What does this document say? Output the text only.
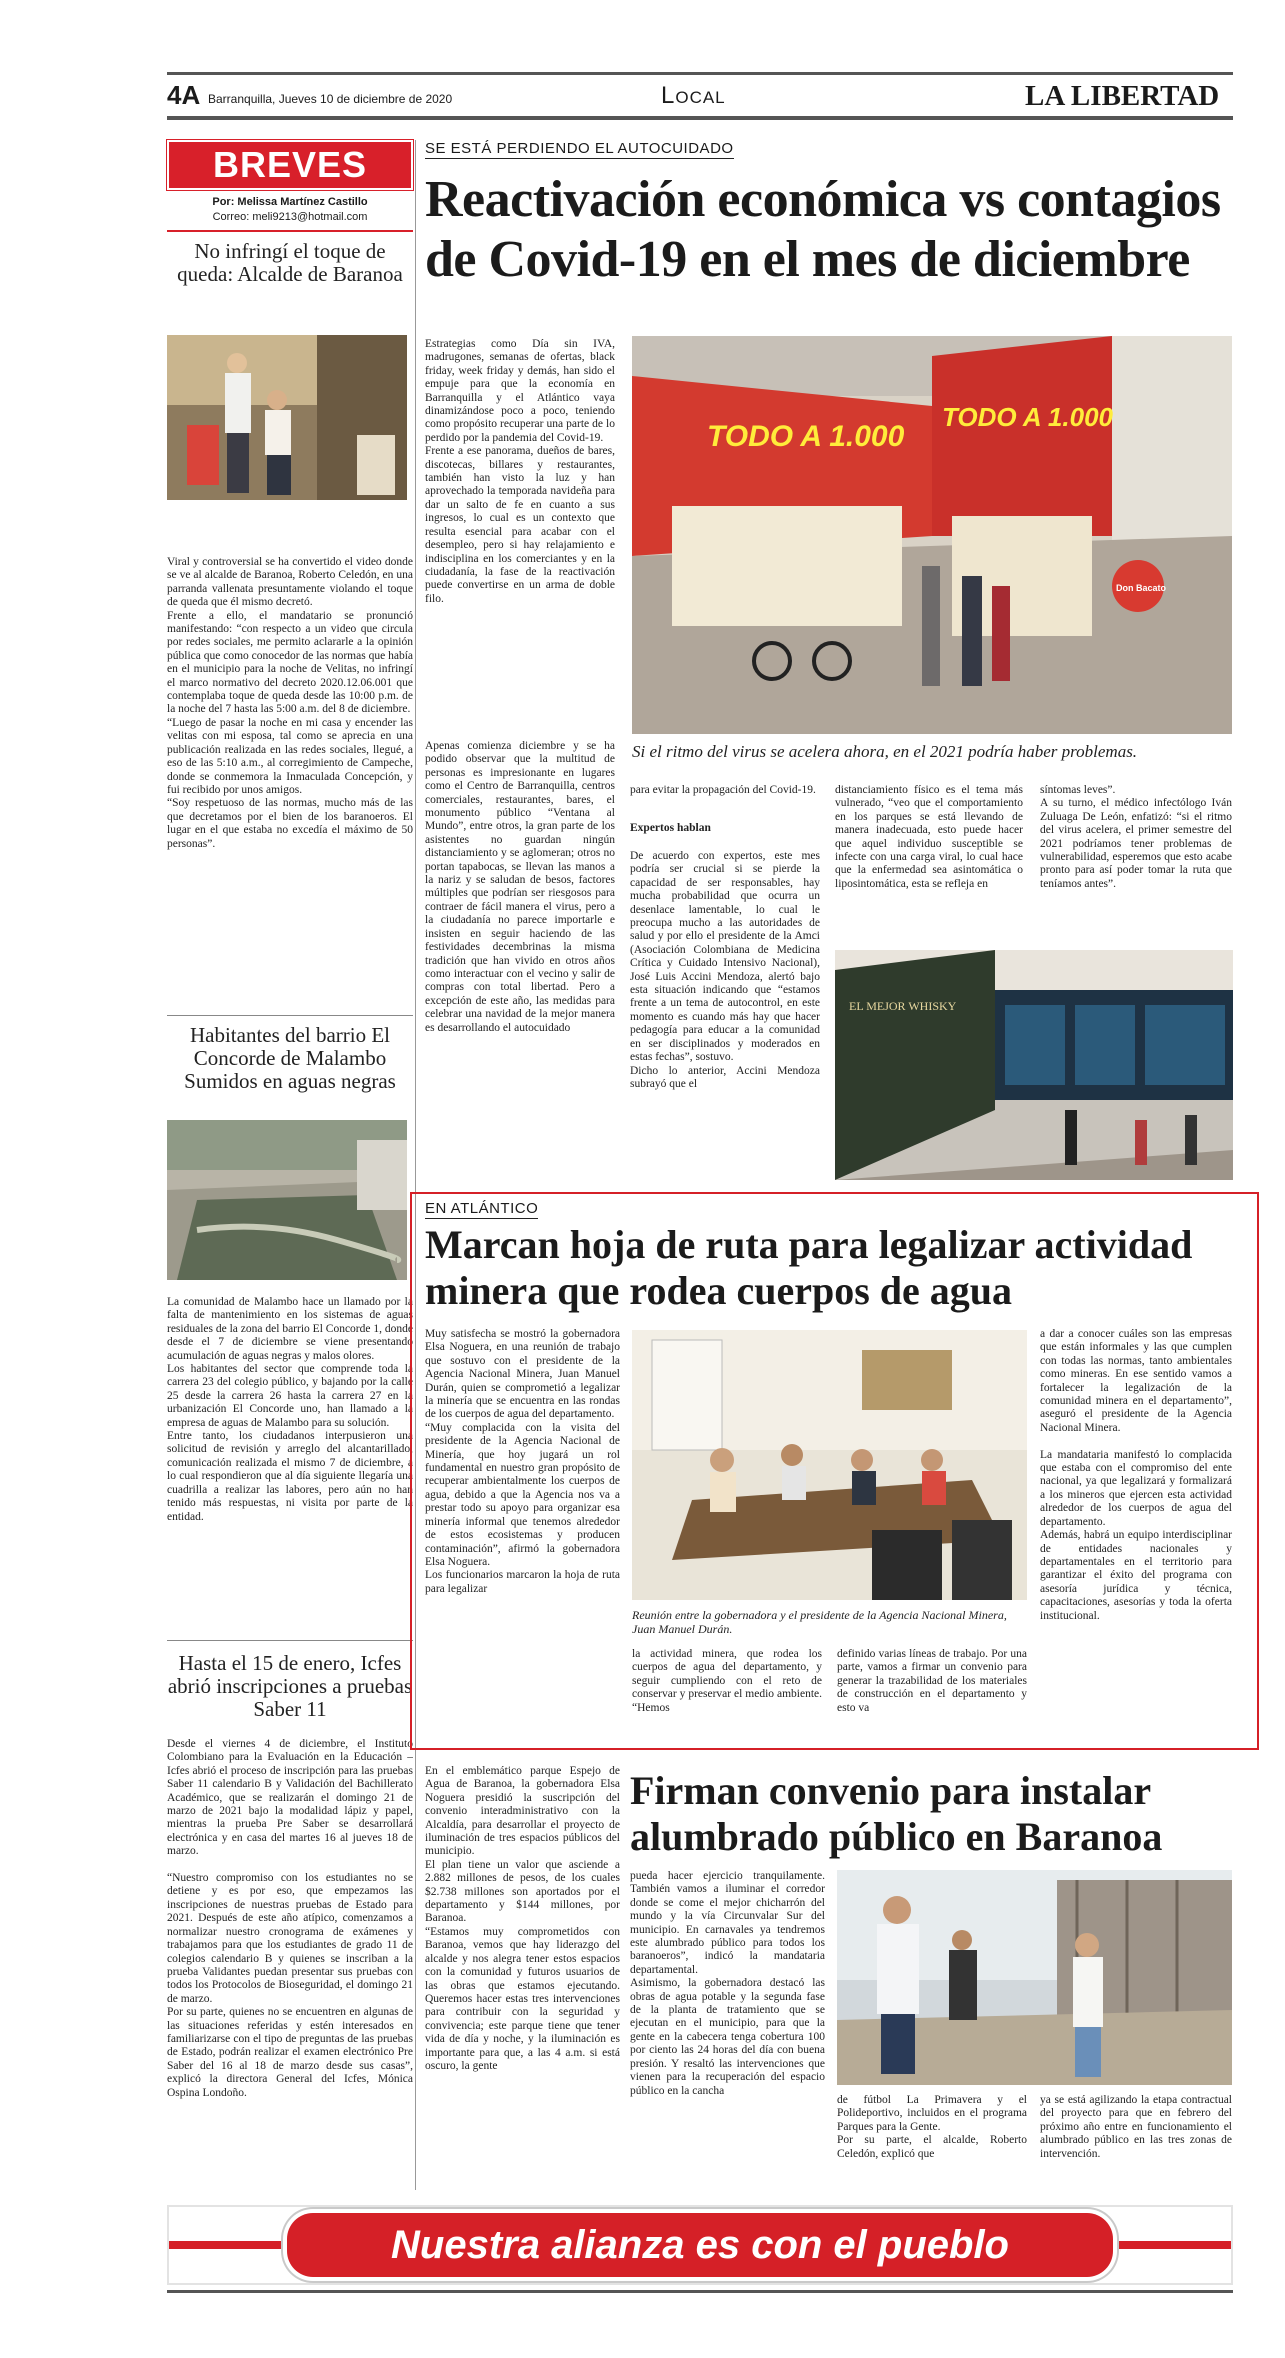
4A Barranquilla, Jueves 10 de diciembre de 2020	Local	LA LIBERTAD
BREVES
Por: Melissa Martínez Castillo
Correo: meli9213@hotmail.com
No infringí el toque de queda: Alcalde de Baranoa
Viral y controversial se ha convertido el video donde se ve al alcalde de Baranoa, Roberto Celedón, en una parranda vallenata presuntamente violando el toque de queda que él mismo decretó.
Frente a ello, el mandatario se pronunció manifestando: “con respecto a un video que circula por redes sociales, me permito aclararle a la opinión pública que como conocedor de las normas que había en el municipio para la noche de Velitas, no infringí el marco normativo del decreto 2020.12.06.001 que contemplaba toque de queda desde las 10:00 p.m. de la noche del 7 hasta las 5:00 a.m. del 8 de diciembre.
“Luego de pasar la noche en mi casa y encender las velitas con mi esposa, tal como se aprecia en una publicación realizada en las redes sociales, llegué, a eso de las 5:10 a.m., al corregimiento de Campeche, donde se conmemora la Inmaculada Concepción, y fui recibido por unos amigos.
“Soy respetuoso de las normas, mucho más de las que decretamos por el bien de los baranoeros. El lugar en el que estaba no excedía el máximo de 50 personas”.
Habitantes del barrio El Concorde de Malambo Sumidos en aguas negras
La comunidad de Malambo hace un llamado por la falta de mantenimiento en los sistemas de aguas residuales de la zona del barrio El Concorde 1, donde desde el 7 de diciembre se viene presentando acumulación de aguas negras y malos olores.
Los habitantes del sector que comprende toda la carrera 23 del colegio público, y bajando por la calle 25 desde la carrera 26 hasta la carrera 27 en la urbanización El Concorde uno, han llamado a la empresa de aguas de Malambo para su solución.
Entre tanto, los ciudadanos interpusieron una solicitud de revisión y arreglo del alcantarillado, comunicación realizada el mismo 7 de diciembre, a lo cual respondieron que al día siguiente llegaría una cuadrilla a realizar las labores, pero aún no han tenido más respuestas, ni visita por parte de la entidad.
Hasta el 15 de enero, Icfes abrió inscripciones a pruebas Saber 11
Desde el viernes 4 de diciembre, el Instituto Colombiano para la Evaluación en la Educación – Icfes abrió el proceso de inscripción para las pruebas Saber 11 calendario B y Validación del Bachillerato Académico, que se realizarán el domingo 21 de marzo de 2021 bajo la modalidad lápiz y papel, mientras la prueba Pre Saber se desarrollará electrónica y en casa del martes 16 al jueves 18 de marzo.

“Nuestro compromiso con los estudiantes no se detiene y es por eso, que empezamos las inscripciones de nuestras pruebas de Estado para 2021. Después de este año atípico, comenzamos a normalizar nuestro cronograma de exámenes y trabajamos para que los estudiantes de grado 11 de colegios calendario B y quienes se inscriban a la prueba Validantes puedan presentar sus pruebas con todos los Protocolos de Bioseguridad, el domingo 21 de marzo.
Por su parte, quienes no se encuentren en algunas de las situaciones referidas y estén interesados en familiarizarse con el tipo de preguntas de las pruebas de Estado, podrán realizar el examen electrónico Pre Saber del 16 al 18 de marzo desde sus casas”, explicó la directora General del Icfes, Mónica Ospina Londoño.
SE ESTÁ PERDIENDO EL AUTOCUIDADO
Reactivación económica vs contagios de Covid-19 en el mes de diciembre
Estrategias como Día sin IVA, madrugones, semanas de ofertas, black friday, week friday y demás, han sido el empuje para que la economía en Barranquilla y el Atlántico vaya dinamizándose poco a poco, teniendo como propósito recuperar una parte de lo perdido por la pandemia del Covid-19.
Frente a ese panorama, dueños de bares, discotecas, billares y restaurantes, también han visto la luz y han aprovechado la temporada navideña para dar un salto de fe en cuanto a sus ingresos, lo cual es un contexto que resulta esencial para acabar con el desempleo, pero si hay relajamiento e indisciplina en los comerciantes y en la ciudadanía, la fase de la reactivación puede convertirse en un arma de doble filo.
Apenas comienza diciembre y se ha podido observar que la multitud de personas es impresionante en lugares como el Centro de Barranquilla, centros comerciales, restaurantes, bares, el monumento público “Ventana al Mundo”, entre otros, la gran parte de los asistentes no guardan ningún distanciamiento y se aglomeran; otros no portan tapabocas, se llevan las manos a la nariz y se saludan de besos, factores múltiples que podrían ser riesgosos para contraer de fácil manera el virus, pero a la ciudadanía no parece importarle e insisten en seguir haciendo de las festividades decembrinas la misma tradición que han vivido en otros años como interactuar con el vecino y salir de compras con total libertad. Pero a excepción de este año, las medidas para celebrar una navidad de la mejor manera es desarrollando el autocuidado
TODO A 1.000
TODO A 1.000
Don Bacato
Si el ritmo del virus se acelera ahora, en el 2021 podría haber problemas.
para evitar la propagación del Covid-19.
Expertos hablan
De acuerdo con expertos, este mes podría ser crucial si se pierde la capacidad de ser responsables, hay mucha probabilidad que ocurra un desenlace lamentable, lo cual le preocupa mucho a las autoridades de salud y por ello el presidente de la Amci (Asociación Colombiana de Medicina Crítica y Cuidado Intensivo Nacional), José Luis Accini Mendoza, alertó bajo esta situación indicando que “estamos frente a un tema de autocontrol, en este momento es cuando más hay que hacer pedagogía para educar a la comunidad en ser disciplinados y moderados en estas fechas”, sostuvo.
Dicho lo anterior, Accini Mendoza subrayó que el
distanciamiento físico es el tema más vulnerado, “veo que el comportamiento en los parques se está llevando de manera inadecuada, esto puede hacer que aquel individuo susceptible se infecte con una carga viral, lo cual hace que la enfermedad sea asintomática o liposintomática, esta se refleja en
síntomas leves”.
A su turno, el médico infectólogo Iván Zuluaga De León, enfatizó: “si el ritmo del virus acelera, el primer semestre del 2021 podríamos tener problemas de vulnerabilidad, esperemos que esto acabe pronto para así poder tomar la ruta que teníamos antes”.
EL MEJOR WHISKY
EN ATLÁNTICO
Marcan hoja de ruta para legalizar actividad minera que rodea cuerpos de agua
Muy satisfecha se mostró la gobernadora Elsa Noguera, en una reunión de trabajo que sostuvo con el presidente de la Agencia Nacional Minera, Juan Manuel Durán, quien se comprometió a legalizar la minería que se encuentra en las rondas de los cuerpos de agua del departamento.
“Muy complacida con la visita del presidente de la Agencia Nacional de Minería, que hoy jugará un rol fundamental en nuestro gran propósito de recuperar ambientalmente los cuerpos de agua, debido a que la Agencia nos va a prestar todo su apoyo para organizar esa minería informal que tenemos alrededor de estos ecosistemas y producen contaminación”, afirmó la gobernadora Elsa Noguera.
Los funcionarios marcaron la hoja de ruta para legalizar
Reunión entre la gobernadora y el presidente de la Agencia Nacional Minera, Juan Manuel Durán.
la actividad minera, que rodea los cuerpos de agua del departamento, y seguir cumpliendo con el reto de conservar y preservar el medio ambiente. “Hemos
definido varias líneas de trabajo. Por una parte, vamos a firmar un convenio para generar la trazabilidad de los materiales de construcción en el departamento y esto va
a dar a conocer cuáles son las empresas que están informales y las que cumplen con todas las normas, tanto ambientales como mineras. En ese sentido vamos a fortalecer la legalización de la comunidad minera en el departamento”, aseguró el presidente de la Agencia Nacional Minera.

La mandataria manifestó lo complacida que estaba con el compromiso del ente nacional, ya que legalizará y formalizará a los mineros que ejercen esta actividad alrededor de los cuerpos de agua del departamento.
Además, habrá un equipo interdisciplinar de entidades nacionales y departamentales en el territorio para garantizar el éxito del programa con asesoría jurídica y técnica, capacitaciones, asesorías y toda la oferta institucional.
En el emblemático parque Espejo de Agua de Baranoa, la gobernadora Elsa Noguera presidió la suscripción del convenio interadministrativo con la Alcaldía, para desarrollar el proyecto de iluminación de tres espacios públicos del municipio.
El plan tiene un valor que asciende a 2.882 millones de pesos, de los cuales $2.738 millones son aportados por el departamento y $144 millones, por Baranoa.
“Estamos muy comprometidos con Baranoa, vemos que hay liderazgo del alcalde y nos alegra tener estos espacios con la comunidad y futuros usuarios de las obras que estamos ejecutando. Queremos hacer estas tres intervenciones para contribuir con la seguridad y convivencia; este parque tiene que tener vida de día y noche, y la iluminación es importante para que, a las 4 a.m. si está oscuro, la gente
Firman convenio para instalar alumbrado público en Baranoa
pueda hacer ejercicio tranquilamente. También vamos a iluminar el corredor donde se come el mejor chicharrón del mundo y la vía Circunvalar Sur del municipio. En carnavales ya tendremos este alumbrado público para todos los baranoeros”, indicó la mandataria departamental.
Asimismo, la gobernadora destacó las obras de agua potable y la segunda fase de la planta de tratamiento que se ejecutan en el municipio, para que la gente en la cabecera tenga cobertura 100 por ciento las 24 horas del día con buena presión. Y resaltó las intervenciones que vienen para la recuperación del espacio público en la cancha
de fútbol La Primavera y el Polideportivo, incluidos en el programa Parques para la Gente.
Por su parte, el alcalde, Roberto Celedón, explicó que
ya se está agilizando la etapa contractual del proyecto para que en febrero del próximo año entre en funcionamiento el alumbrado público en las tres zonas de intervención.
Nuestra alianza es con el pueblo
